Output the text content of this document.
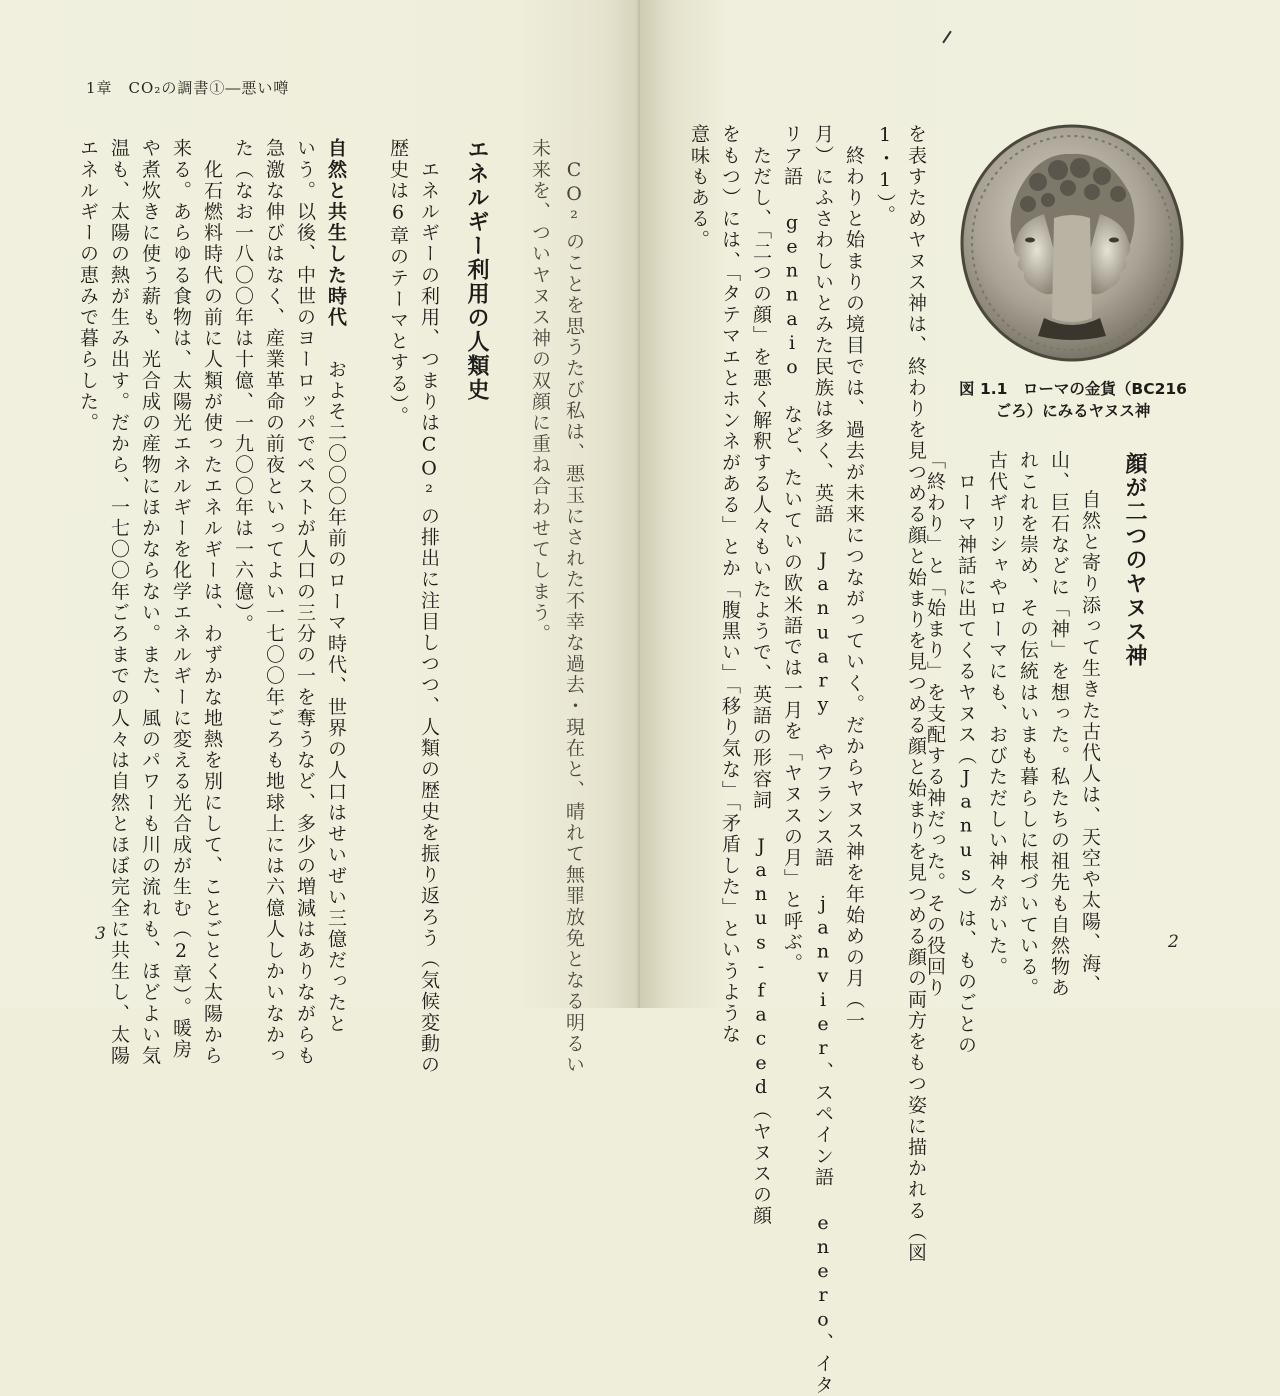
1章　CO₂の調書①―悪い噂
　CO²のことを思うたび私は、悪玉にされた不幸な過去・現在と、晴れて無罪放免となる明るい
未来を、ついヤヌス神の双顔に重ね合わせてしまう。
エネルギー利用の人類史
　エネルギーの利用、つまりはCO²の排出に注目しつつ、人類の歴史を振り返ろう（気候変動の
歴史は6章のテーマとする）。
自然と共生した時代
　およそ二〇〇〇年前のローマ時代、世界の人口はせいぜい三億だったと
いう。以後、中世のヨーロッパでペストが人口の三分の一を奪うなど、多少の増減はありながらも
急激な伸びはなく、産業革命の前夜といってよい一七〇〇年ごろも地球上には六億人しかいなかっ
た（なお一八〇〇年は十億、一九〇〇年は一六億）。
　化石燃料時代の前に人類が使ったエネルギーは、わずかな地熱を別にして、ことごとく太陽から
来る。あらゆる食物は、太陽光エネルギーを化学エネルギーに変える光合成が生む（2章）。暖房
や煮炊きに使う薪も、光合成の産物にほかならない。また、風のパワーも川の流れも、ほどよい気
温も、太陽の熱が生み出す。だから、一七〇〇年ごろまでの人々は自然とほぼ完全に共生し、太陽
エネルギーの恵みで暮らした。
3	を表すためヤヌス神は、終わりを見つめる顔と始まりを見つめる顔と始まりを見つめる顔の両方をもつ姿に描かれる（図
1・1）。
　終わりと始まりの境目では、過去が未来につながっていく。だからヤヌス神を年始めの月（一
月）にふさわしいとみた民族は多く、英語 January やフランス語 janvier、スペイン語 enero、イタ
リア語 gennaio など、たいていの欧米語では一月を「ヤヌスの月」と呼ぶ。
　ただし、「二つの顔」を悪く解釈する人々もいたようで、英語の形容詞 Janus-faced（ヤヌスの顔
をもつ）には、「タテマエとホンネがある」とか「腹黒い」「移り気な」「矛盾した」というような
意味もある。
図 1.1　ローマの金貨（BC216
ごろ）にみるヤヌス神
顔が二つのヤヌス神
　自然と寄り添って生きた古代人は、天空や太陽、海、
山、巨石などに「神」を想った。私たちの祖先も自然物あ
れこれを崇め、その伝統はいまも暮らしに根づいている。
古代ギリシャやローマにも、おびただしい神々がいた。
　ローマ神話に出てくるヤヌス（Janus）は、ものごとの
「終わり」と「始まり」を支配する神だった。その役回り	2
